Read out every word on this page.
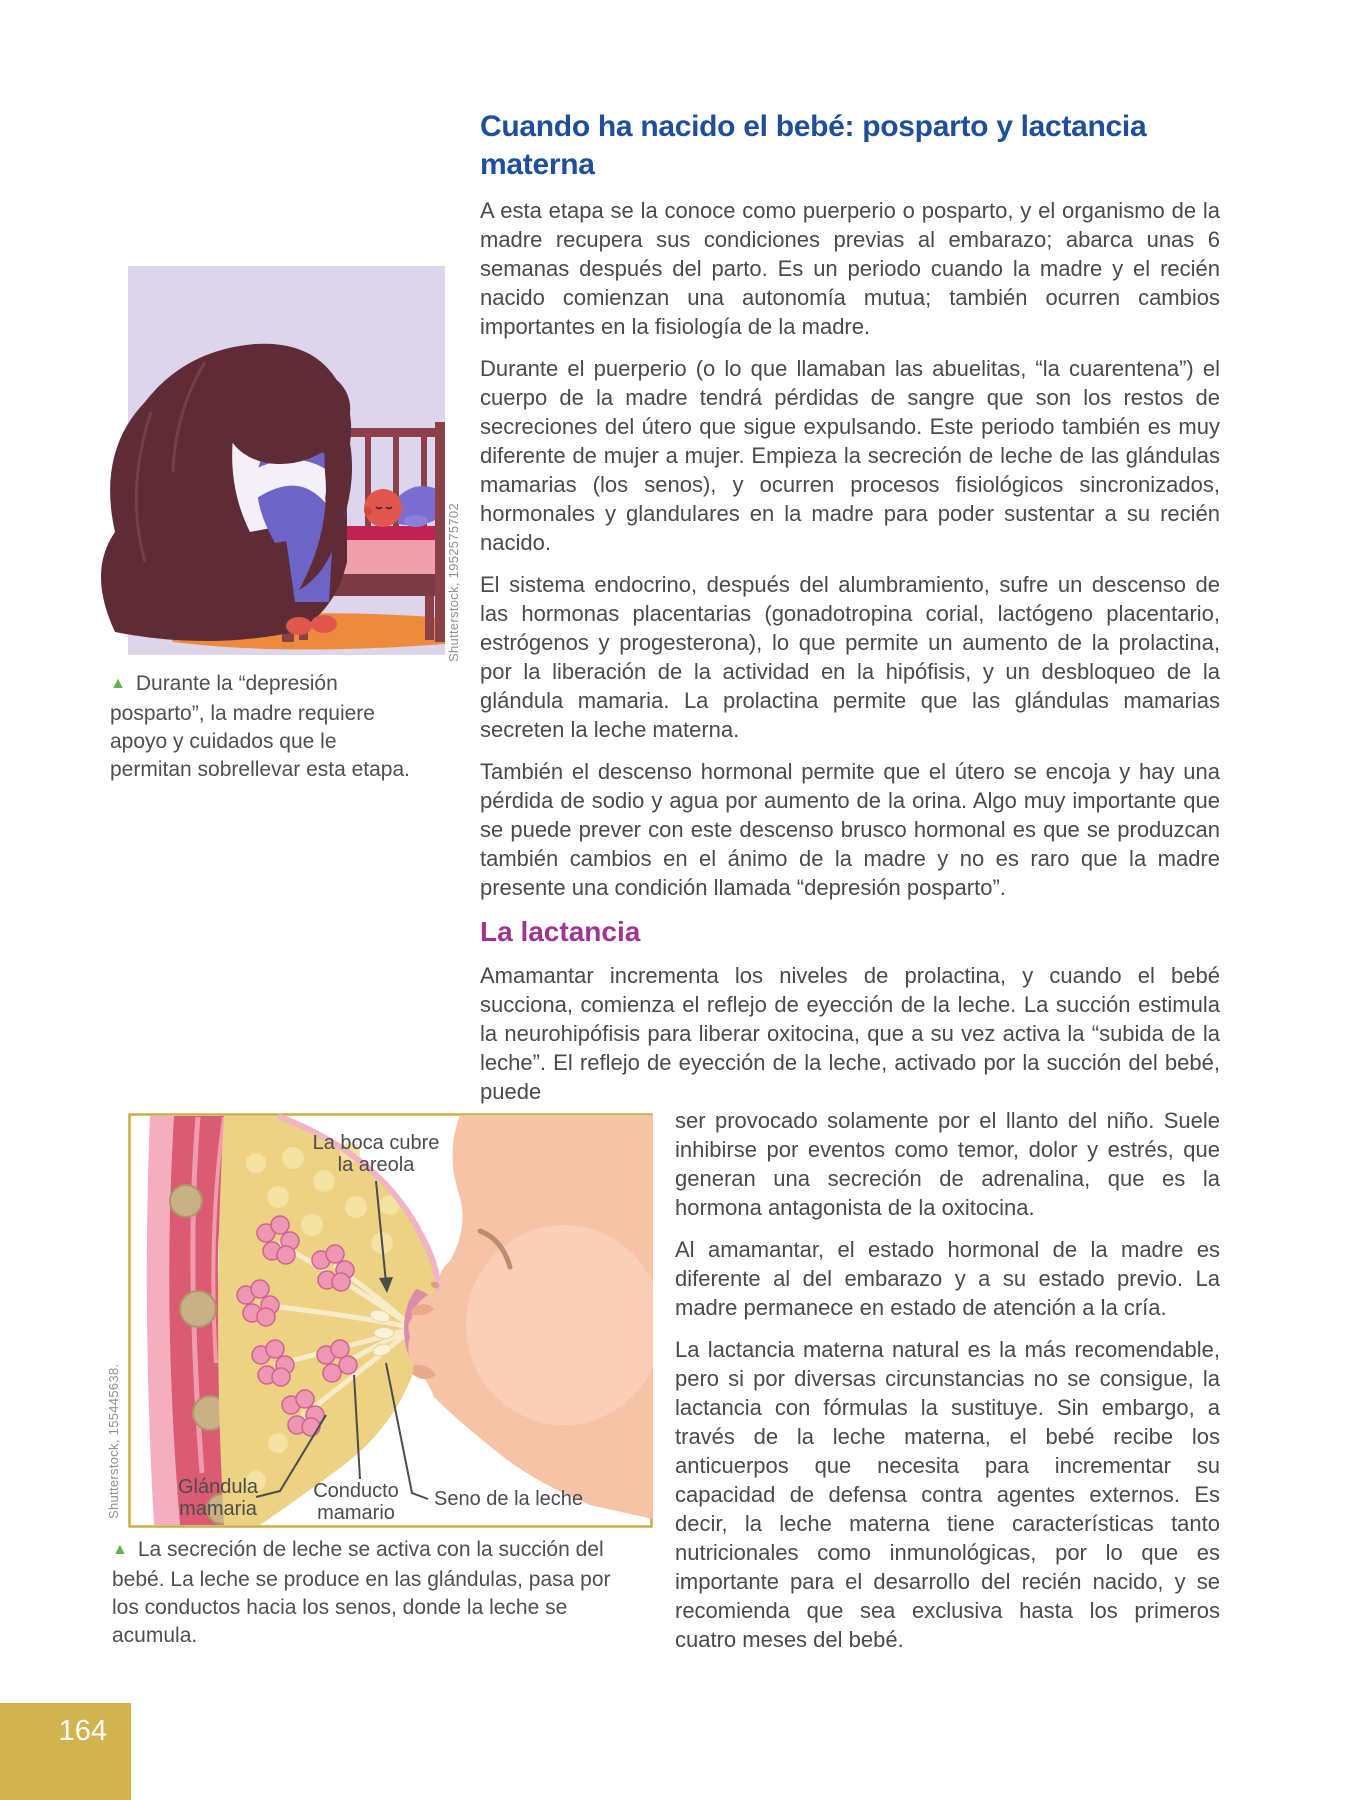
▲ Durante la “depresión posparto”, la madre requiere apoyo y cuidados que le permitan sobrellevar esta etapa.
Shutterstock, 1952575702
La boca cubre
la areola
Glándula
mamaria
Conducto
mamario
Seno de la leche
▲ La secreción de leche se activa con la succión del bebé. La leche se produce en las glándulas, pasa por los conductos hacia los senos, donde la leche se acumula.
Shutterstock, 155445638.
Cuando ha nacido el bebé: posparto y lactancia
materna

A esta etapa se la conoce como puerperio o posparto, y el organismo de la madre recupera sus condiciones previas al embarazo; abarca unas 6 semanas después del parto. Es un periodo cuando la madre y el recién nacido comienzan una autonomía mutua; también ocurren cambios importantes en la fisiología de la madre.

Durante el puerperio (o lo que llamaban las abuelitas, “la cuarentena”) el cuerpo de la madre tendrá pérdidas de sangre que son los restos de secreciones del útero que sigue expulsando. Este periodo también es muy diferente de mujer a mujer. Empieza la secreción de leche de las glándulas mamarias (los senos), y ocurren procesos fisiológicos sincronizados, hormonales y glandulares en la madre para poder sustentar a su recién nacido.

El sistema endocrino, después del alumbramiento, sufre un descenso de las hormonas placentarias (gonadotropina corial, lactógeno placentario, estrógenos y progesterona), lo que permite un aumento de la prolactina, por la liberación de la actividad en la hipófisis, y un desbloqueo de la glándula mamaria. La prolactina permite que las glándulas mamarias secreten la leche materna.

También el descenso hormonal permite que el útero se encoja y hay una pérdida de sodio y agua por aumento de la orina. Algo muy importante que se puede prever con este descenso brusco hormonal es que se produzcan también cambios en el ánimo de la madre y no es raro que la madre presente una condición llamada “depresión posparto”.

La lactancia

Amamantar incrementa los niveles de prolactina, y cuando el bebé succiona, comienza el reflejo de eyección de la leche. La succión estimula la neurohipófisis para liberar oxitocina, que a su vez activa la “subida de la leche”. El reflejo de eyección de la leche, activado por la succión del bebé, puede

ser provocado solamente por el llanto del niño. Suele inhibirse por eventos como temor, dolor y estrés, que generan una secreción de adrenalina, que es la hormona antagonista de la oxitocina.

Al amamantar, el estado hormonal de la madre es diferente al del embarazo y a su estado previo. La madre permanece en estado de atención a la cría.

La lactancia materna natural es la más recomendable, pero si por diversas circunstancias no se consigue, la lactancia con fórmulas la sustituye. Sin embargo, a través de la leche materna, el bebé recibe los anticuerpos que necesita para incrementar su capacidad de defensa contra agentes externos. Es decir, la leche materna tiene características tanto nutricionales como inmunológicas, por lo que es importante para el desarrollo del recién nacido, y se recomienda que sea exclusiva hasta los primeros cuatro meses del bebé.

164
